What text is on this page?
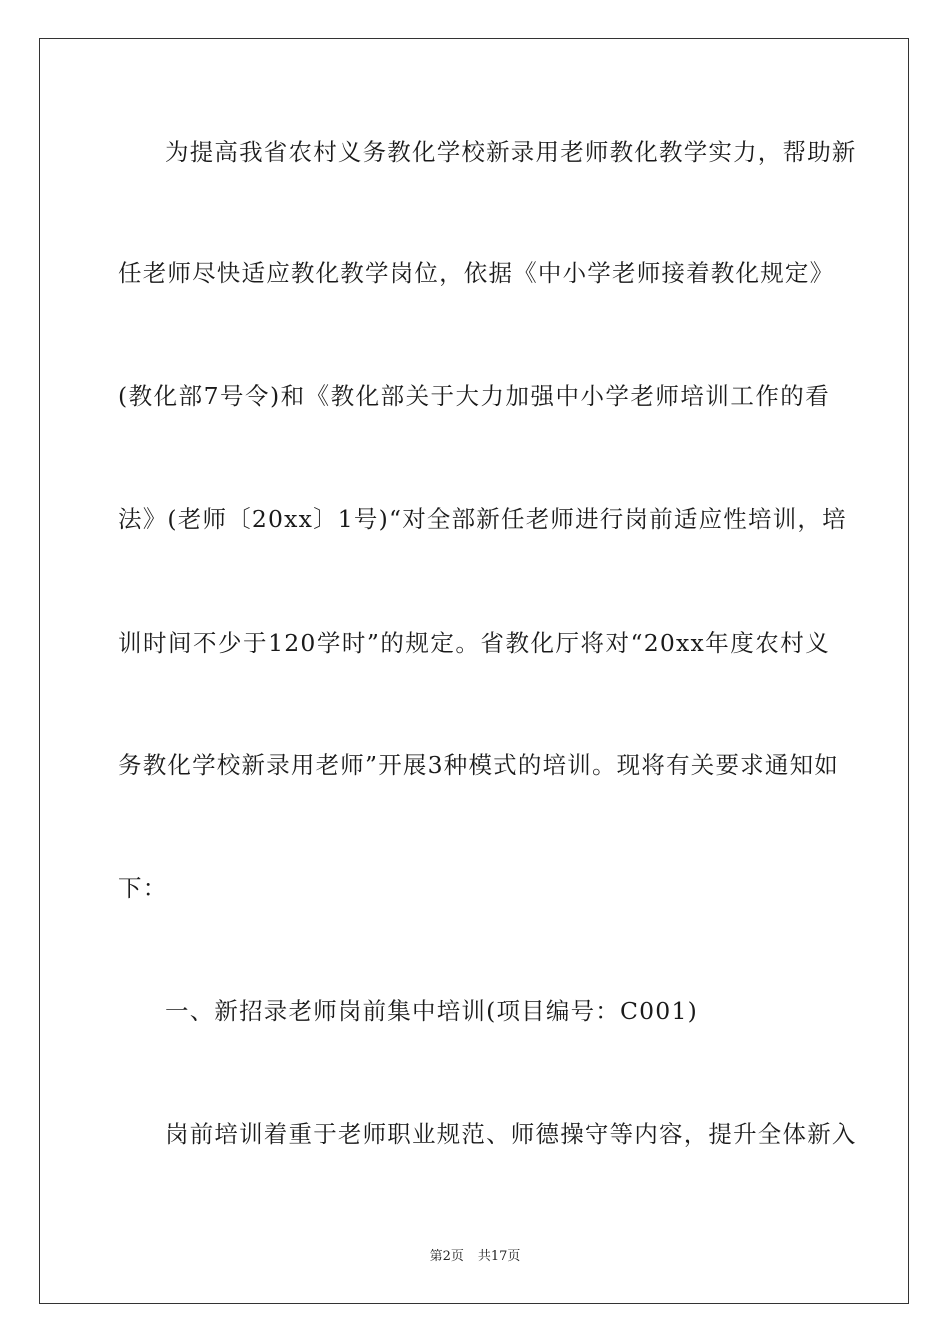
为提高我省农村义务教化学校新录用老师教化教学实力，帮助新
任老师尽快适应教化教学岗位，依据《中小学老师接着教化规定》
(教化部7号令)和《教化部关于大力加强中小学老师培训工作的看
法》(老师〔20xx〕1号)“对全部新任老师进行岗前适应性培训，培
训时间不少于120学时”的规定。省教化厅将对“20xx年度农村义
务教化学校新录用老师”开展3种模式的培训。现将有关要求通知如
下：
一、新招录老师岗前集中培训(项目编号：C001)
岗前培训着重于老师职业规范、师德操守等内容，提升全体新入
第2页 共17页
